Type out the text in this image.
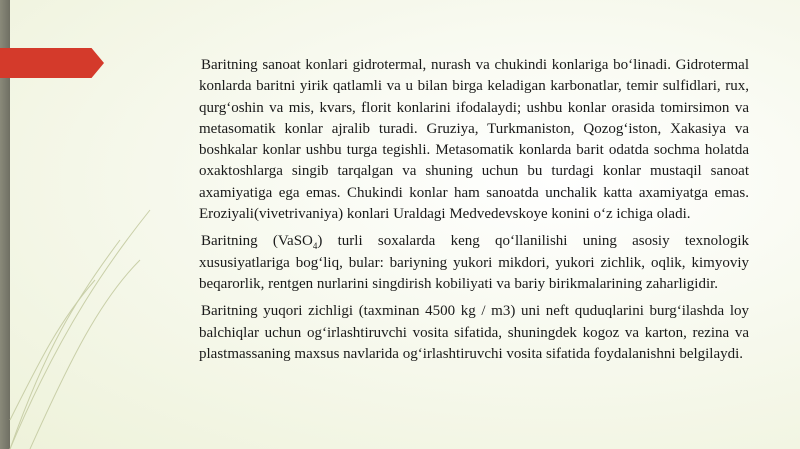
Baritning sanoat konlari gidrotermal, nurash va chukindi konlariga bo‘linadi. Gidrotermal konlarda baritni yirik qatlamli va u bilan birga keladigan karbonatlar, temir sulfidlari, rux, qurg‘oshin va mis, kvars, florit konlarini ifodalaydi; ushbu konlar orasida tomirsimon va metasomatik konlar ajralib turadi. Gruziya, Turkmaniston, Qozog‘iston, Xakasiya va boshkalar konlar ushbu turga tegishli. Metasomatik konlarda barit odatda sochma holatda oxaktoshlarga singib tarqalgan va shuning uchun bu turdagi konlar mustaqil sanoat axamiyatiga ega emas. Chukindi konlar ham sanoatda unchalik katta axamiyatga emas. Eroziyali(vivetrivaniya) konlari Uraldagi Medvedevskoye konini o‘z ichiga oladi.

Baritning (VaSO$_4$) turli soxalarda keng qo‘llanilishi uning asosiy texnologik xususiyatlariga bog‘liq, bular: bariyning yukori mikdori, yukori zichlik, oqlik, kimyoviy beqarorlik, rentgen nurlarini singdirish kobiliyati va bariy birikmalarining zaharligidir.

Baritning yuqori zichligi (taxminan 4500 kg / m3) uni neft quduqlarini burg‘ilashda loy balchiqlar uchun og‘irlashtiruvchi vosita sifatida, shuningdek kogoz va karton, rezina va plastmassaning maxsus navlarida og‘irlashtiruvchi vosita sifatida foydalanishni belgilaydi.
